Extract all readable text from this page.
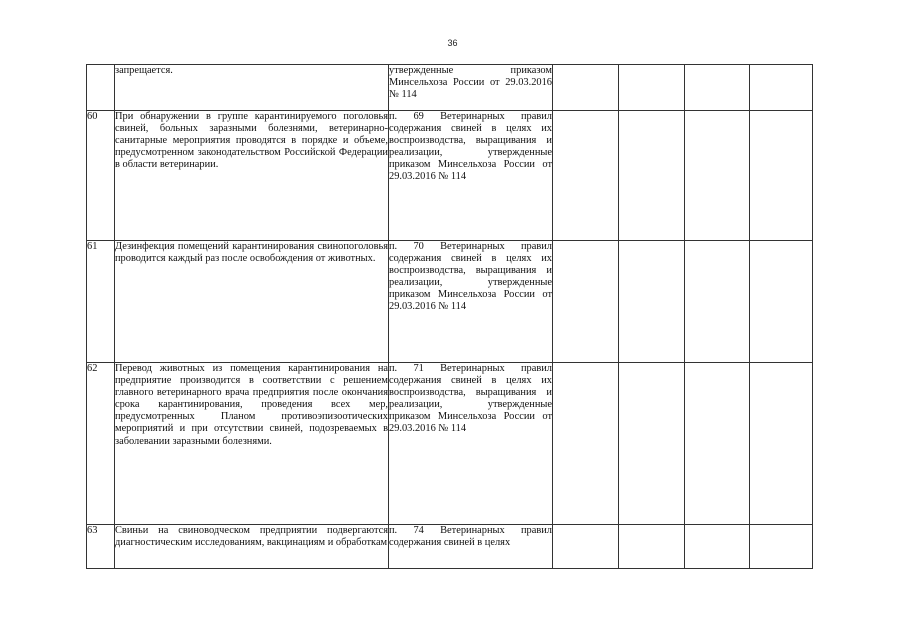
36

	запрещается.	утвержденные приказом Минсельхоза России от 29.03.2016 № 114				

60	При обнаружении в группе карантинируемого поголовья свиней, больных заразными болезнями, ветеринарно-санитарные мероприятия проводятся в порядке и объеме, предусмотренном законодательством Российской Федерации в области ветеринарии.	п. 69 Ветеринарных правил содержания свиней в целях их воспроизводства, выращивания и реализации, утвержденные приказом Минсельхоза России от 29.03.2016 № 114				

61	Дезинфекция помещений карантинирования свинопоголовья проводится каждый раз после освобождения от животных.	п. 70 Ветеринарных правил содержания свиней в целях их воспроизводства, выращивания и реализации, утвержденные приказом Минсельхоза России от 29.03.2016 № 114				

62	Перевод животных из помещения карантинирования на предприятие производится в соответствии с решением главного ветеринарного врача предприятия после окончания срока карантинирования, проведения всех мер, предусмотренных Планом противоэпизоотических мероприятий и при отсутствии свиней, подозреваемых в заболевании заразными болезнями.	п. 71 Ветеринарных правил содержания свиней в целях их воспроизводства, выращивания и реализации, утвержденные приказом Минсельхоза России от 29.03.2016 № 114				

63	Свиньи на свиноводческом предприятии подвергаются диагностическим исследованиям, вакцинациям и обработкам	п. 74 Ветеринарных правил содержания свиней в целях				
